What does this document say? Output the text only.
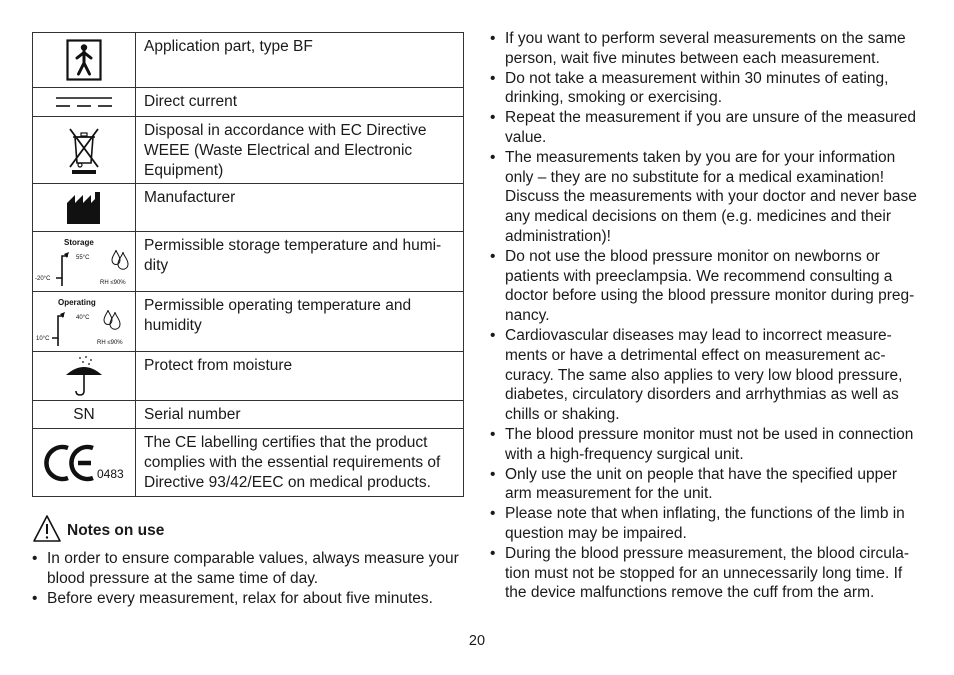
	Application part, type BF

	Direct current

	Disposal in accordance with EC Directive WEEE (Waste Electrical and Electronic Equipment)

	Manufacturer

Storage
55°C
-20°C
RH ≤90%	Permissible storage temperature and humi-dity

Operating
40°C
10°C
RH ≤90%	Permissible operating temperature and humidity

	Protect from moisture
SN	Serial number

0483	The CE labelling certifies that the product complies with the essential requirements of Directive 93/42/EEC on medical products.
Notes on use
• In order to ensure comparable values, always measure your blood pressure at the same time of day.
• Before every measurement, relax for about five minutes.
• If you want to perform several measurements on the same person, wait five minutes between each measurement.
• Do not take a measurement within 30 minutes of eating, drinking, smoking or exercising.
• Repeat the measurement if you are unsure of the measured value.
• The measurements taken by you are for your information only – they are no substitute for a medical examination! Discuss the measurements with your doctor and never base any medical decisions on them (e.g. medicines and their administration)!
• Do not use the blood pressure monitor on newborns or patients with preeclampsia. We recommend consulting a doctor before using the blood pressure monitor during preg-nancy.
• Cardiovascular diseases may lead to incorrect measure-ments or have a detrimental effect on measurement ac-curacy. The same also applies to very low blood pressure, diabetes, circulatory disorders and arrhythmias as well as chills or shaking.
• The blood pressure monitor must not be used in connection with a high-frequency surgical unit.
• Only use the unit on people that have the specified upper arm measurement for the unit.
• Please note that when inflating, the functions of the limb in question may be impaired.
• During the blood pressure measurement, the blood circula-tion must not be stopped for an unnecessarily long time. If the device malfunctions remove the cuff from the arm.
20
